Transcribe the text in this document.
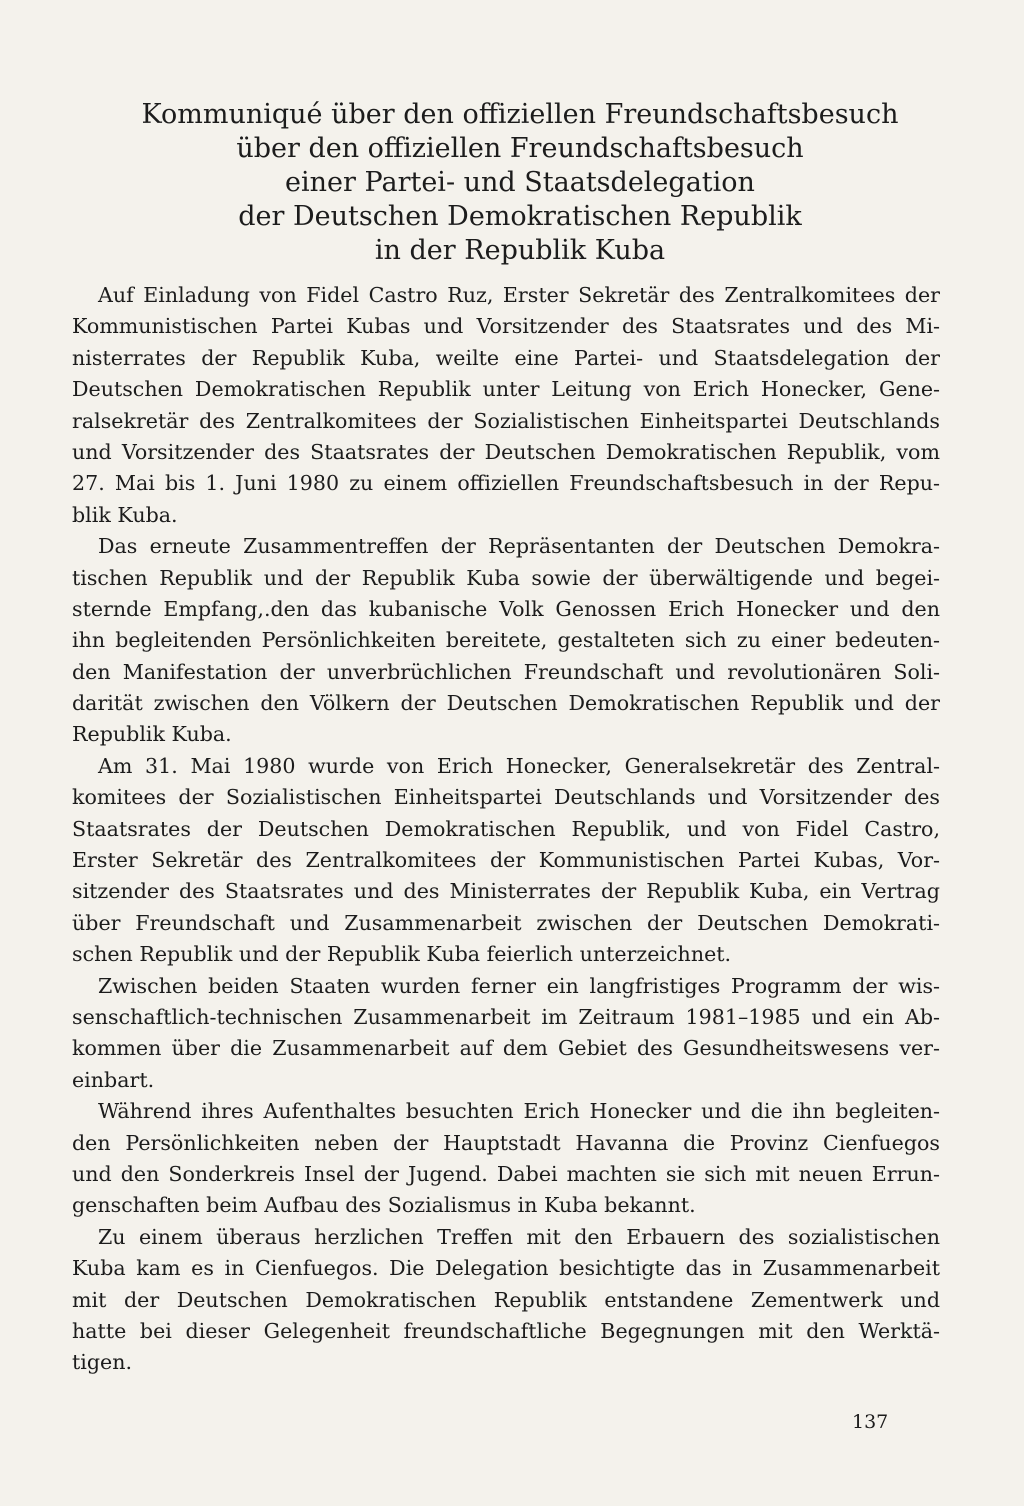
Kommuniqué über den offiziellen Freundschaftsbesuch
über den offiziellen Freundschaftsbesuch
einer Partei- und Staatsdelegation
der Deutschen Demokratischen Republik
in der Republik Kuba

Auf Einladung von Fidel Castro Ruz, Erster Sekretär des Zentralkomitees der
Kommunistischen Partei Kubas und Vorsitzender des Staatsrates und des Mi-
nisterrates der Republik Kuba, weilte eine Partei- und Staatsdelegation der
Deutschen Demokratischen Republik unter Leitung von Erich Honecker, Gene-
ralsekretär des Zentralkomitees der Sozialistischen Einheitspartei Deutschlands
und Vorsitzender des Staatsrates der Deutschen Demokratischen Republik, vom
27. Mai bis 1. Juni 1980 zu einem offiziellen Freundschaftsbesuch in der Repu-
blik Kuba.

Das erneute Zusammentreffen der Repräsentanten der Deutschen Demokra-
tischen Republik und der Republik Kuba sowie der überwältigende und begei-
sternde Empfang,.den das kubanische Volk Genossen Erich Honecker und den
ihn begleitenden Persönlichkeiten bereitete, gestalteten sich zu einer bedeuten-
den Manifestation der unverbrüchlichen Freundschaft und revolutionären Soli-
darität zwischen den Völkern der Deutschen Demokratischen Republik und der
Republik Kuba.

Am 31. Mai 1980 wurde von Erich Honecker, Generalsekretär des Zentral-
komitees der Sozialistischen Einheitspartei Deutschlands und Vorsitzender des
Staatsrates der Deutschen Demokratischen Republik, und von Fidel Castro,
Erster Sekretär des Zentralkomitees der Kommunistischen Partei Kubas, Vor-
sitzender des Staatsrates und des Ministerrates der Republik Kuba, ein Vertrag
über Freundschaft und Zusammenarbeit zwischen der Deutschen Demokrati-
schen Republik und der Republik Kuba feierlich unterzeichnet.

Zwischen beiden Staaten wurden ferner ein langfristiges Programm der wis-
senschaftlich-technischen Zusammenarbeit im Zeitraum 1981–1985 und ein Ab-
kommen über die Zusammenarbeit auf dem Gebiet des Gesundheitswesens ver-
einbart.

Während ihres Aufenthaltes besuchten Erich Honecker und die ihn begleiten-
den Persönlichkeiten neben der Hauptstadt Havanna die Provinz Cienfuegos
und den Sonderkreis Insel der Jugend. Dabei machten sie sich mit neuen Errun-
genschaften beim Aufbau des Sozialismus in Kuba bekannt.

Zu einem überaus herzlichen Treffen mit den Erbauern des sozialistischen
Kuba kam es in Cienfuegos. Die Delegation besichtigte das in Zusammenarbeit
mit der Deutschen Demokratischen Republik entstandene Zementwerk und
hatte bei dieser Gelegenheit freundschaftliche Begegnungen mit den Werktä-
tigen.

137
